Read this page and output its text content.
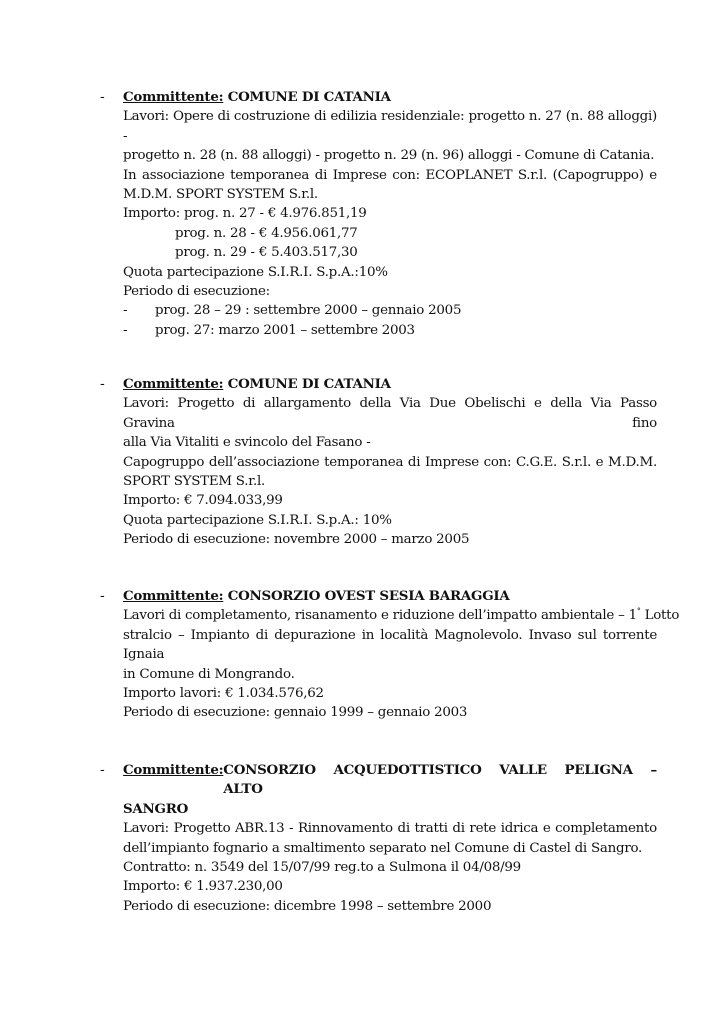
- Committente: COMUNE DI CATANIA
Lavori: Opere di costruzione di edilizia residenziale: progetto n. 27 (n. 88 alloggi) -
progetto n. 28 (n. 88 alloggi) - progetto n. 29 (n. 96) alloggi - Comune di Catania.
In associazione temporanea di Imprese con: ECOPLANET S.r.l. (Capogruppo) e
M.D.M. SPORT SYSTEM S.r.l.
Importo: prog. n. 27 - € 4.976.851,19
prog. n. 28 - € 4.956.061,77
prog. n. 29 - € 5.403.517,30
Quota partecipazione S.I.R.I. S.p.A.:10%
Periodo di esecuzione:
- prog. 28 – 29 : settembre 2000 – gennaio 2005
- prog. 27: marzo 2001 – settembre 2003
- Committente: COMUNE DI CATANIA
Lavori: Progetto di allargamento della Via Due Obelischi e della Via Passo Gravina fino
alla Via Vitaliti e svincolo del Fasano -
Capogruppo dell’associazione temporanea di Imprese con: C.G.E. S.r.l. e M.D.M.
SPORT SYSTEM S.r.l.
Importo: € 7.094.033,99
Quota partecipazione S.I.R.I. S.p.A.: 10%
Periodo di esecuzione: novembre 2000 – marzo 2005
- Committente: CONSORZIO OVEST SESIA BARAGGIA
Lavori di completamento, risanamento e riduzione dell’impatto ambientale – 1 ° Lotto
stralcio – Impianto di depurazione in località Magnolevolo. Invaso sul torrente Ignaia
in Comune di Mongrando.
Importo lavori: € 1.034.576,62
Periodo di esecuzione: gennaio 1999 – gennaio 2003
- Committente: CONSORZIO ACQUEDOTTISTICO VALLE PELIGNA – ALTO
SANGRO
Lavori: Progetto ABR.13 - Rinnovamento di tratti di rete idrica e completamento
dell’impianto fognario a smaltimento separato nel Comune di Castel di Sangro.
Contratto: n. 3549 del 15/07/99 reg.to a Sulmona il 04/08/99
Importo: € 1.937.230,00
Periodo di esecuzione: dicembre 1998 – settembre 2000
